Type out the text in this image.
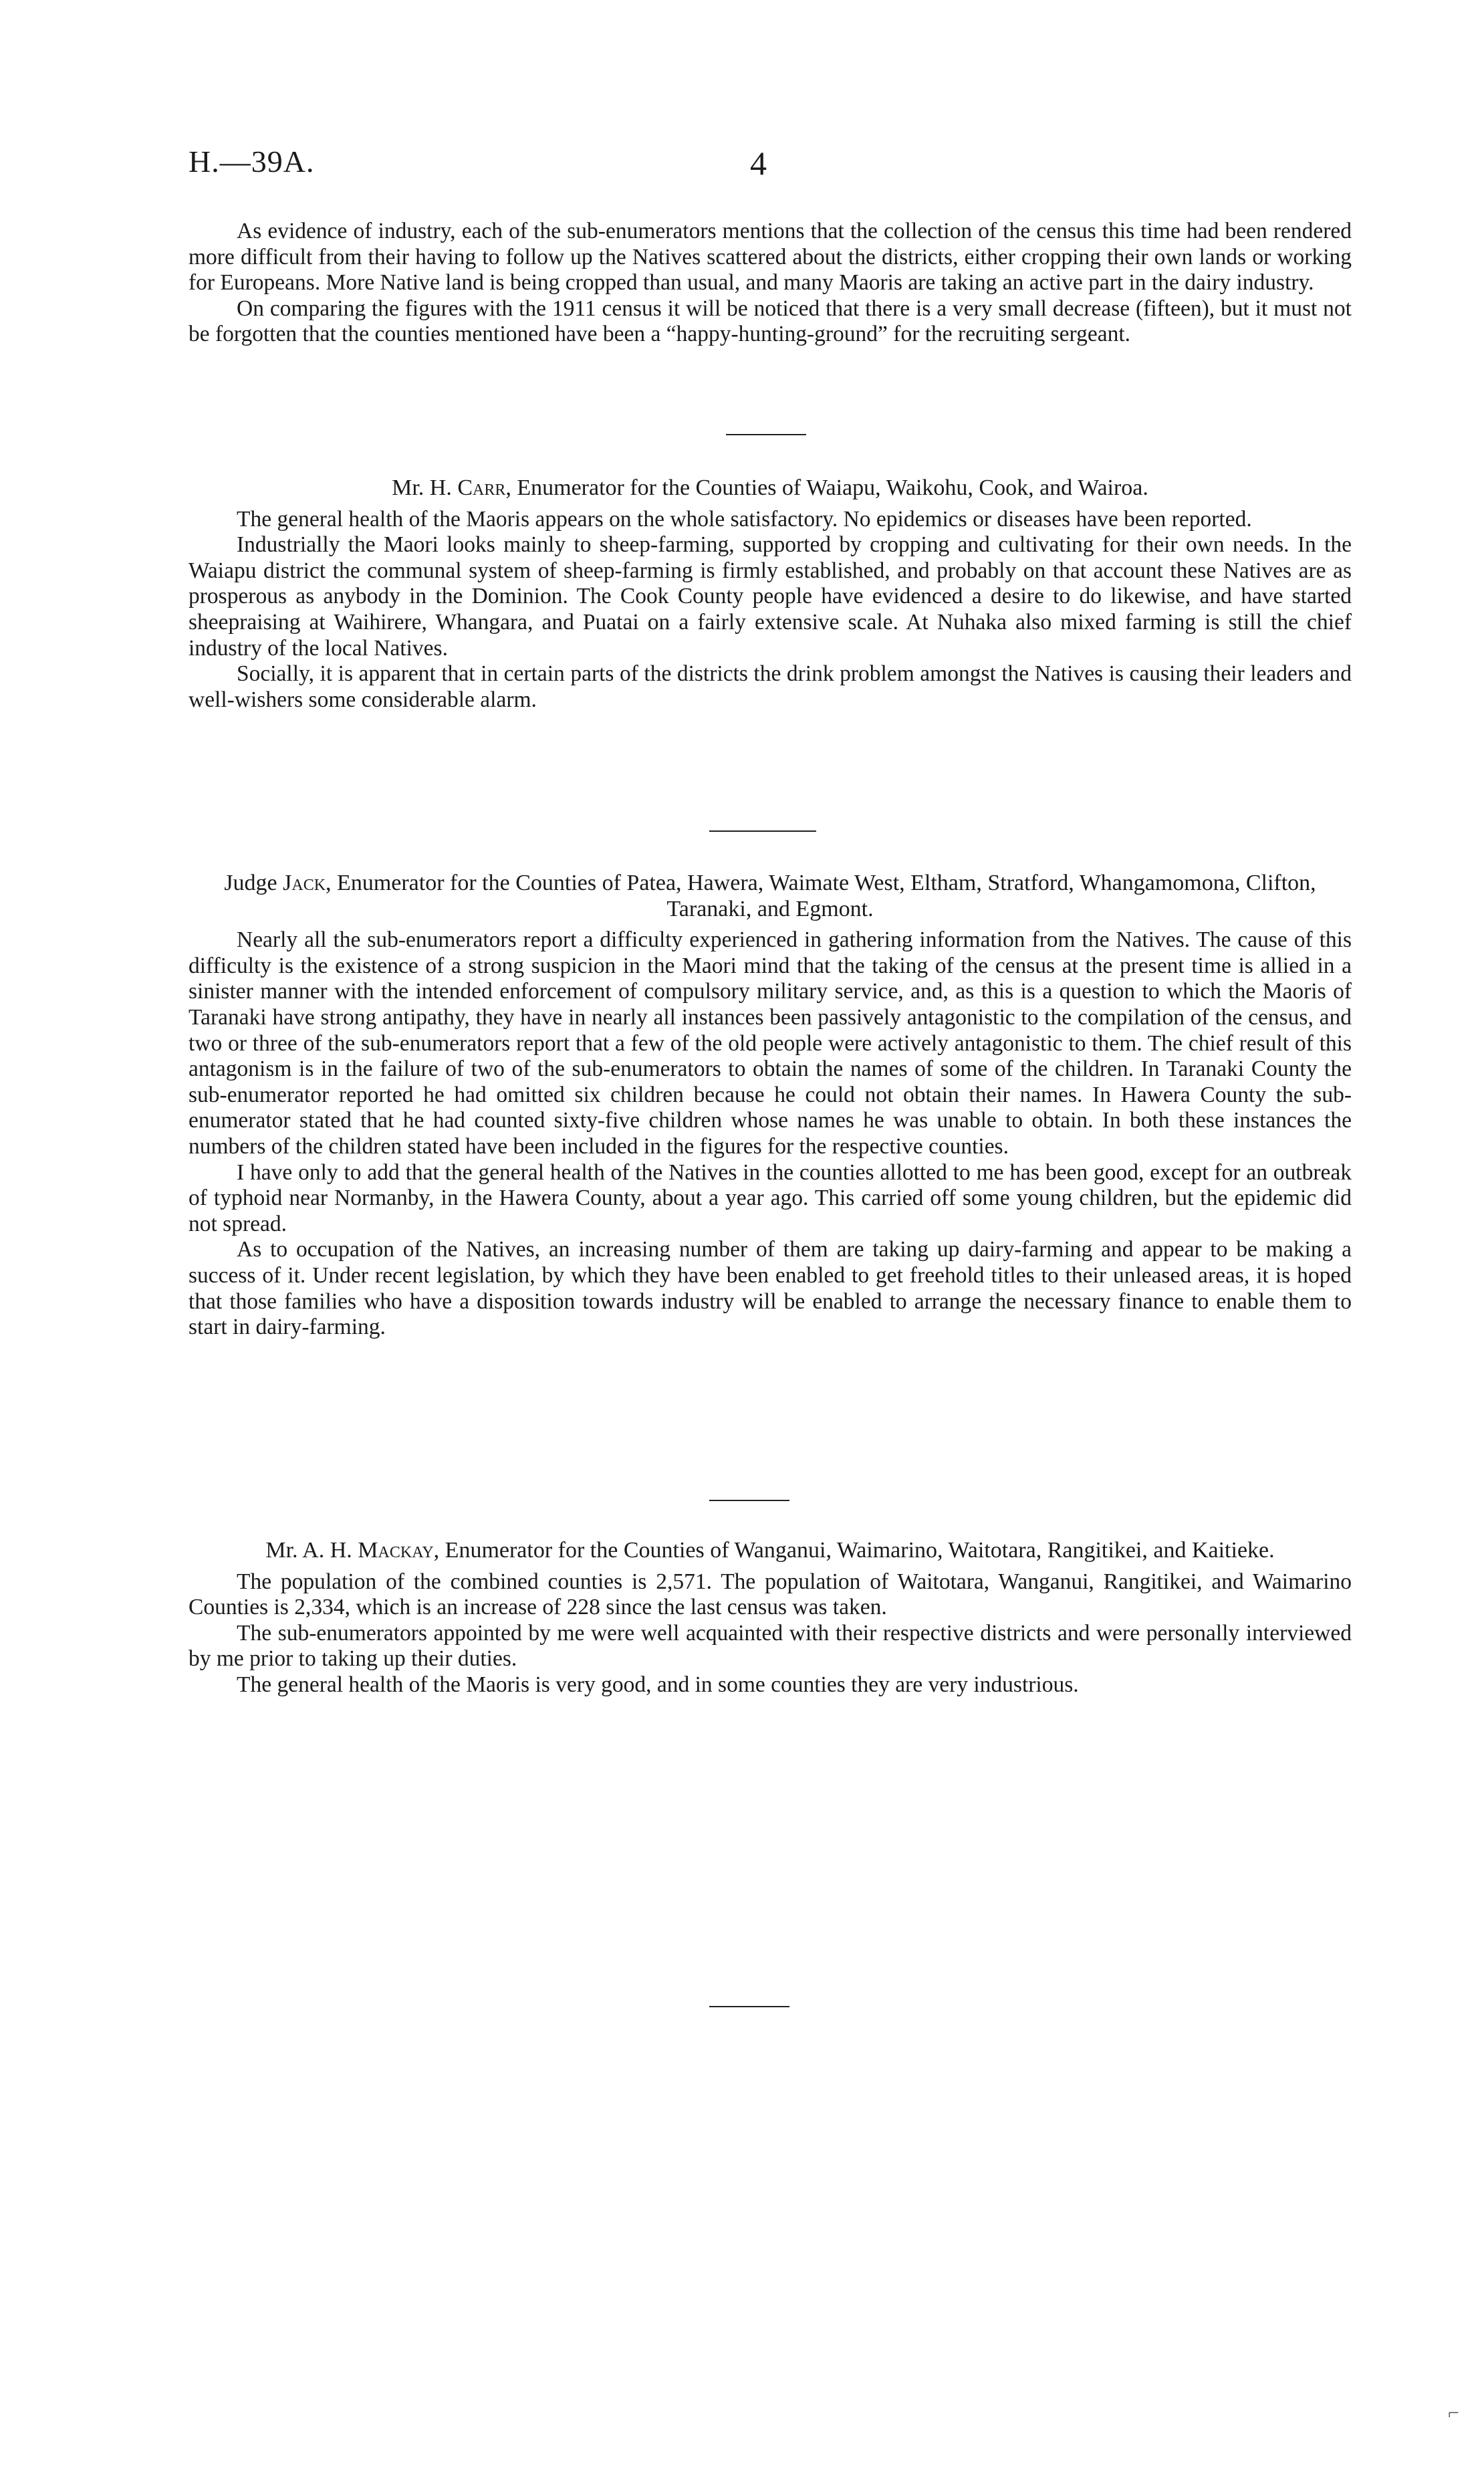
H.—39A.	4

As evidence of industry, each of the sub-enumerators mentions that the collection of the census this time had been rendered more difficult from their having to follow up the Natives scattered about the districts, either cropping their own lands or working for Europeans. More Native land is being cropped than usual, and many Maoris are taking an active part in the dairy industry.

On comparing the figures with the 1911 census it will be noticed that there is a very small decrease (fifteen), but it must not be forgotten that the counties mentioned have been a “happy-hunting-ground” for the recruiting sergeant.

Mr. H. Carr, Enumerator for the Counties of Waiapu, Waikohu, Cook, and Wairoa.

The general health of the Maoris appears on the whole satisfactory. No epidemics or diseases have been reported.

Industrially the Maori looks mainly to sheep-farming, supported by cropping and cultivating for their own needs. In the Waiapu district the communal system of sheep-farming is firmly established, and probably on that account these Natives are as prosperous as anybody in the Dominion. The Cook County people have evidenced a desire to do likewise, and have started sheepraising at Waihirere, Whangara, and Puatai on a fairly extensive scale. At Nuhaka also mixed farming is still the chief industry of the local Natives.

Socially, it is apparent that in certain parts of the districts the drink problem amongst the Natives is causing their leaders and well-wishers some considerable alarm.

Judge Jack, Enumerator for the Counties of Patea, Hawera, Waimate West, Eltham, Stratford, Whangamomona, Clifton, Taranaki, and Egmont.

Nearly all the sub-enumerators report a difficulty experienced in gathering information from the Natives. The cause of this difficulty is the existence of a strong suspicion in the Maori mind that the taking of the census at the present time is allied in a sinister manner with the intended enforcement of compulsory military service, and, as this is a question to which the Maoris of Taranaki have strong antipathy, they have in nearly all instances been passively antagonistic to the compilation of the census, and two or three of the sub-enumerators report that a few of the old people were actively antagonistic to them. The chief result of this antagonism is in the failure of two of the sub-enumerators to obtain the names of some of the children. In Taranaki County the sub-enumerator reported he had omitted six children because he could not obtain their names. In Hawera County the sub-enumerator stated that he had counted sixty-five children whose names he was unable to obtain. In both these instances the numbers of the children stated have been included in the figures for the respective counties.

I have only to add that the general health of the Natives in the counties allotted to me has been good, except for an outbreak of typhoid near Normanby, in the Hawera County, about a year ago. This carried off some young children, but the epidemic did not spread.

As to occupation of the Natives, an increasing number of them are taking up dairy-farming and appear to be making a success of it. Under recent legislation, by which they have been enabled to get freehold titles to their unleased areas, it is hoped that those families who have a disposition towards industry will be enabled to arrange the necessary finance to enable them to start in dairy-farming.

Mr. A. H. Mackay, Enumerator for the Counties of Wanganui, Waimarino, Waitotara, Rangitikei, and Kaitieke.

The population of the combined counties is 2,571. The population of Waitotara, Wanganui, Rangitikei, and Waimarino Counties is 2,334, which is an increase of 228 since the last census was taken.

The sub-enumerators appointed by me were well acquainted with their respective districts and were personally interviewed by me prior to taking up their duties.

The general health of the Maoris is very good, and in some counties they are very industrious.

⌐
